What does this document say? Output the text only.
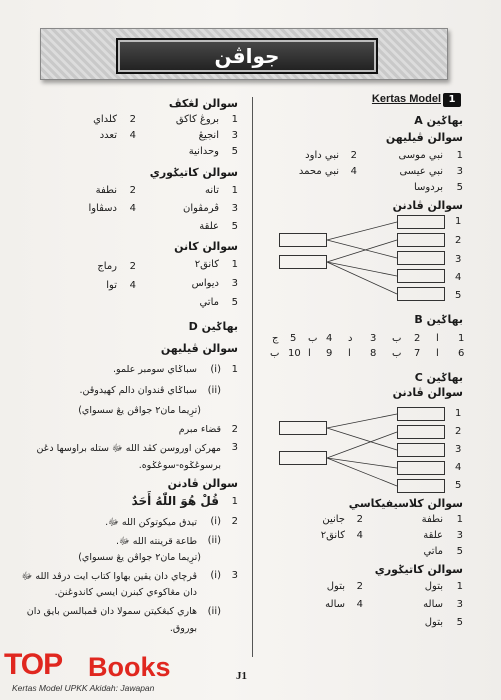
جواڤن
Kertas Model 1
بهاݢين A
سوالن ڤيليهن
1
نبي موسى
2
نبي داود
3
نبي عيسى
4
نبي محمد
5
بردوسا
سوالن ڤادنن
1
2
3
4
5
بهاݢين B
1
ا
2
ب
3
د
4
ب
5
ج
6
ا
7
ب
8
ا
9
ا
10
ب
بهاݢين C
سوالن ڤادنن
1
2
3
4
5
سوالن كلاسيفيكاسي
1
نطفة
2
جانين
3
علقة
4
كانق٢
5
ماتي
سوالن كاتيݢوري
1
بتول
2
بتول
3
ساله
4
ساله
5
بتول
سوالن لڠكڤ
1
بروڠ كاكق
2
كلداي
3
انجيڠ
4
تعدد
5
وحدانية
سوالن كاتيݢوري
1
تانه
2
نطفة
3
ڤرمڤوان
4
دسڤاوا
5
علقة
سوالن كانن
1
كانق٢
2
رماج
3
ديواس
4
توا
5
ماتي
بهاݢين D
سوالن ڤيليهن
1
(i)
سباݢاي سومبر علمو.
(ii)
سباݢاي ڤندوان دالم كهيدوڤن.
(ترِيما مان٢ جواڤن يڠ سسواي)
2
قضاء مبرم
3
مهركن اوروسن كڤد الله ﷻ ستله براوسها دڠن
برسوڠݢوه-سوڠݢوه.
سوالن ڤادنن
1
قُلْ هُوَ اللّٰهُ أَحَدٌ
2
(i)
تيدق ميكوتوكن الله ﷻ.
(ii)
طاعة قرينته الله ﷻ.
(ترِيما مان٢ جواڤن يڠ سسواي)
3
(i)
ڤرچاي دان يقين بهاوا كتاب ايت درڤد الله ﷻ
دان مڠاكوءي كبنرن ايسي كاندوڠنڽ.
(ii)
هاري كبڠكيتن سمولا دان ڤمبالسن بايق دان
بوروق.
TOP Books
Kertas Model UPKK Akidah: Jawapan
J1
